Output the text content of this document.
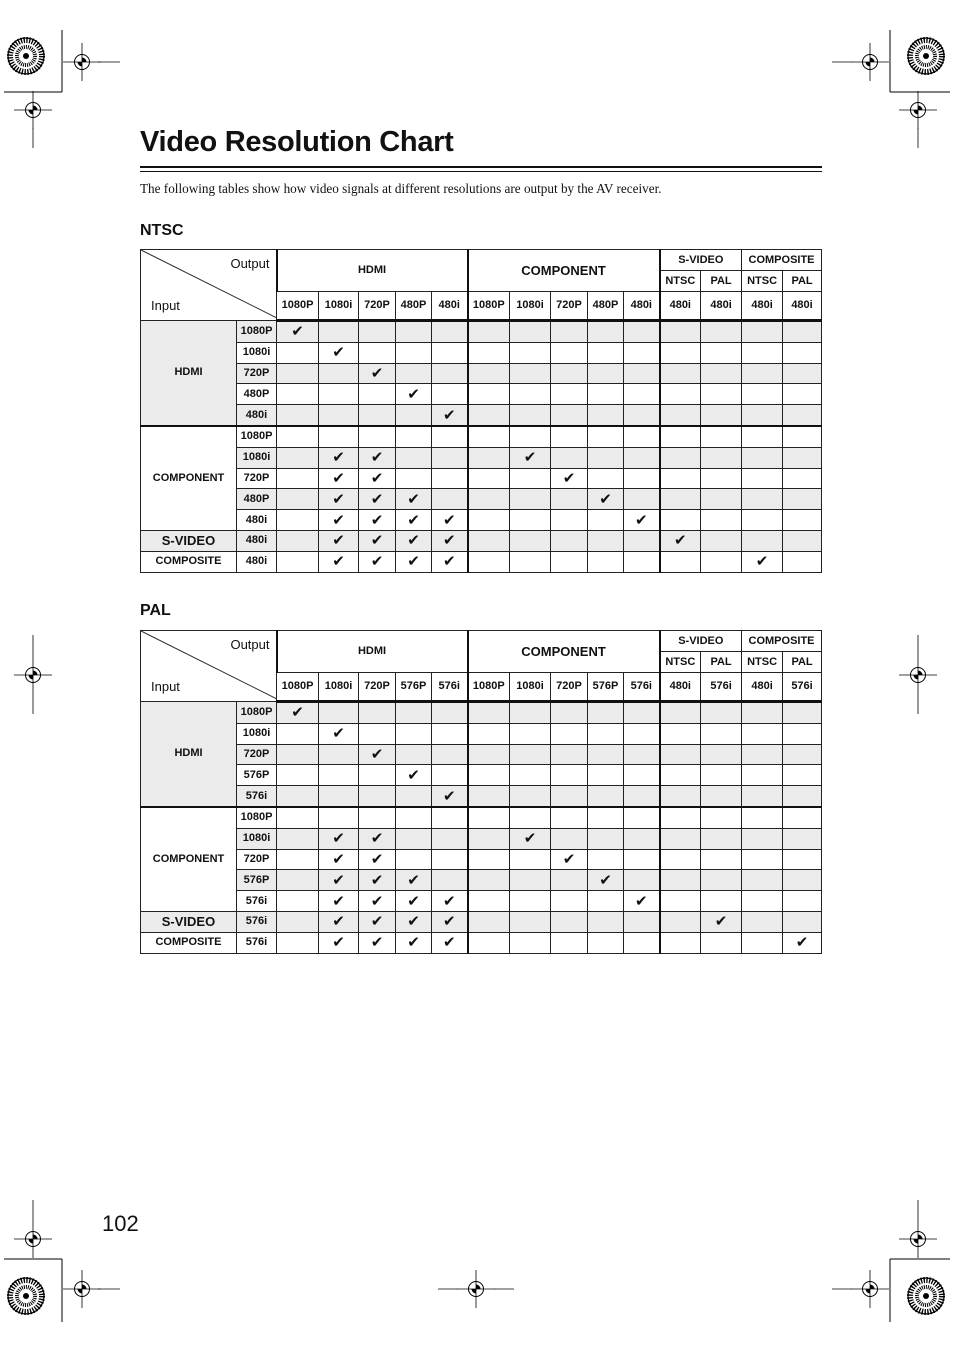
Video Resolution Chart
The following tables show how video signals at different resolutions are output by the AV receiver.
NTSC
Output
Input		HDMI					COMPONENT					S-VIDEO		COMPOSITE	
												NTSC	PAL	NTSC	PAL
		1080P	1080i	720P	480P	480i	1080P	1080i	720P	480P	480i	480i	480i	480i	480i
HDMI	1080P	✔													
	1080i		✔												
	720P			✔											
	480P				✔										
	480i					✔									
COMPONENT	1080P														
	1080i		✔	✔				✔							
	720P		✔	✔					✔						
	480P		✔	✔	✔					✔					
	480i		✔	✔	✔	✔					✔				
S-VIDEO	480i		✔	✔	✔	✔						✔			
COMPOSITE	480i		✔	✔	✔	✔								✔	
PAL
Output
Input		HDMI					COMPONENT					S-VIDEO		COMPOSITE	
												NTSC	PAL	NTSC	PAL
		1080P	1080i	720P	576P	576i	1080P	1080i	720P	576P	576i	480i	576i	480i	576i
HDMI	1080P	✔													
	1080i		✔												
	720P			✔											
	576P				✔										
	576i					✔									
COMPONENT	1080P														
	1080i		✔	✔				✔							
	720P		✔	✔					✔						
	576P		✔	✔	✔					✔					
	576i		✔	✔	✔	✔					✔				
S-VIDEO	576i		✔	✔	✔	✔							✔		
COMPOSITE	576i		✔	✔	✔	✔									✔
102
